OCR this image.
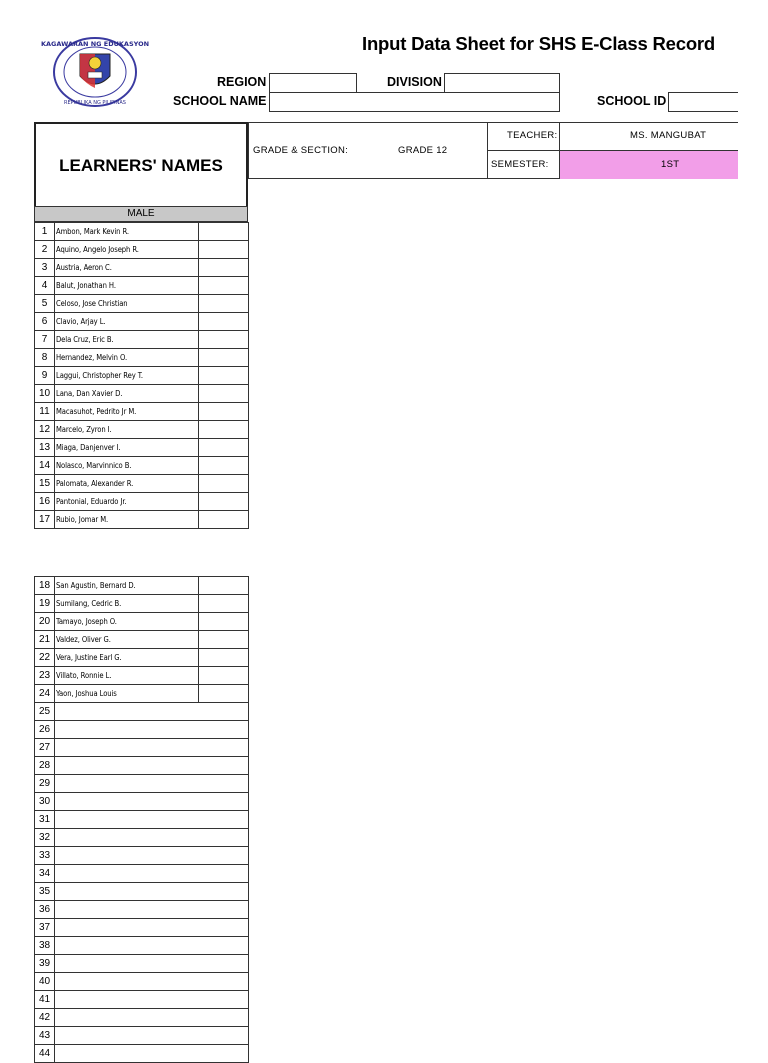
KAGAWARAN NG EDUKASYON
REPUBLIKA NG PILIPINAS
Input Data Sheet for SHS E-Class Record
REGION	DIVISION
SCHOOL NAME	SCHOOL ID
LEARNERS' NAMES
GRADE & SECTION:	GRADE 12
TEACHER:	MS. MANGUBAT
SEMESTER:	1ST
MALE
1	Ambon, Mark Kevin R.	
2	Aquino, Angelo Joseph R.	
3	Austria, Aeron C.	
4	Balut, Jonathan H.	
5	Celoso, Jose Christian	
6	Clavio, Arjay L.	
7	Dela Cruz, Eric B.	
8	Hernandez, Melvin O.	
9	Laggui, Christopher Rey T.	
10	Lana, Dan Xavier D.	
11	Macasuhot, Pedrito Jr M.	
12	Marcelo, Zyron I.	
13	Miaga, Danjenver I.	
14	Nolasco, Marvinnico B.	
15	Palomata, Alexander R.	
16	Pantonial, Eduardo Jr.	
17	Rubio, Jomar M.	
18	San Agustin, Bernard D.	
19	Sumilang, Cedric B.	
20	Tamayo, Joseph O.	
21	Valdez, Oliver G.	
22	Vera, Justine Earl G.	
23	Villato, Ronnie L.	
24	Yaon, Joshua Louis	
25		
26		
27		
28		
29		
30		
31		
32		
33		
34		
35		
36		
37		
38		
39		
40		
41		
42		
43		
44		
